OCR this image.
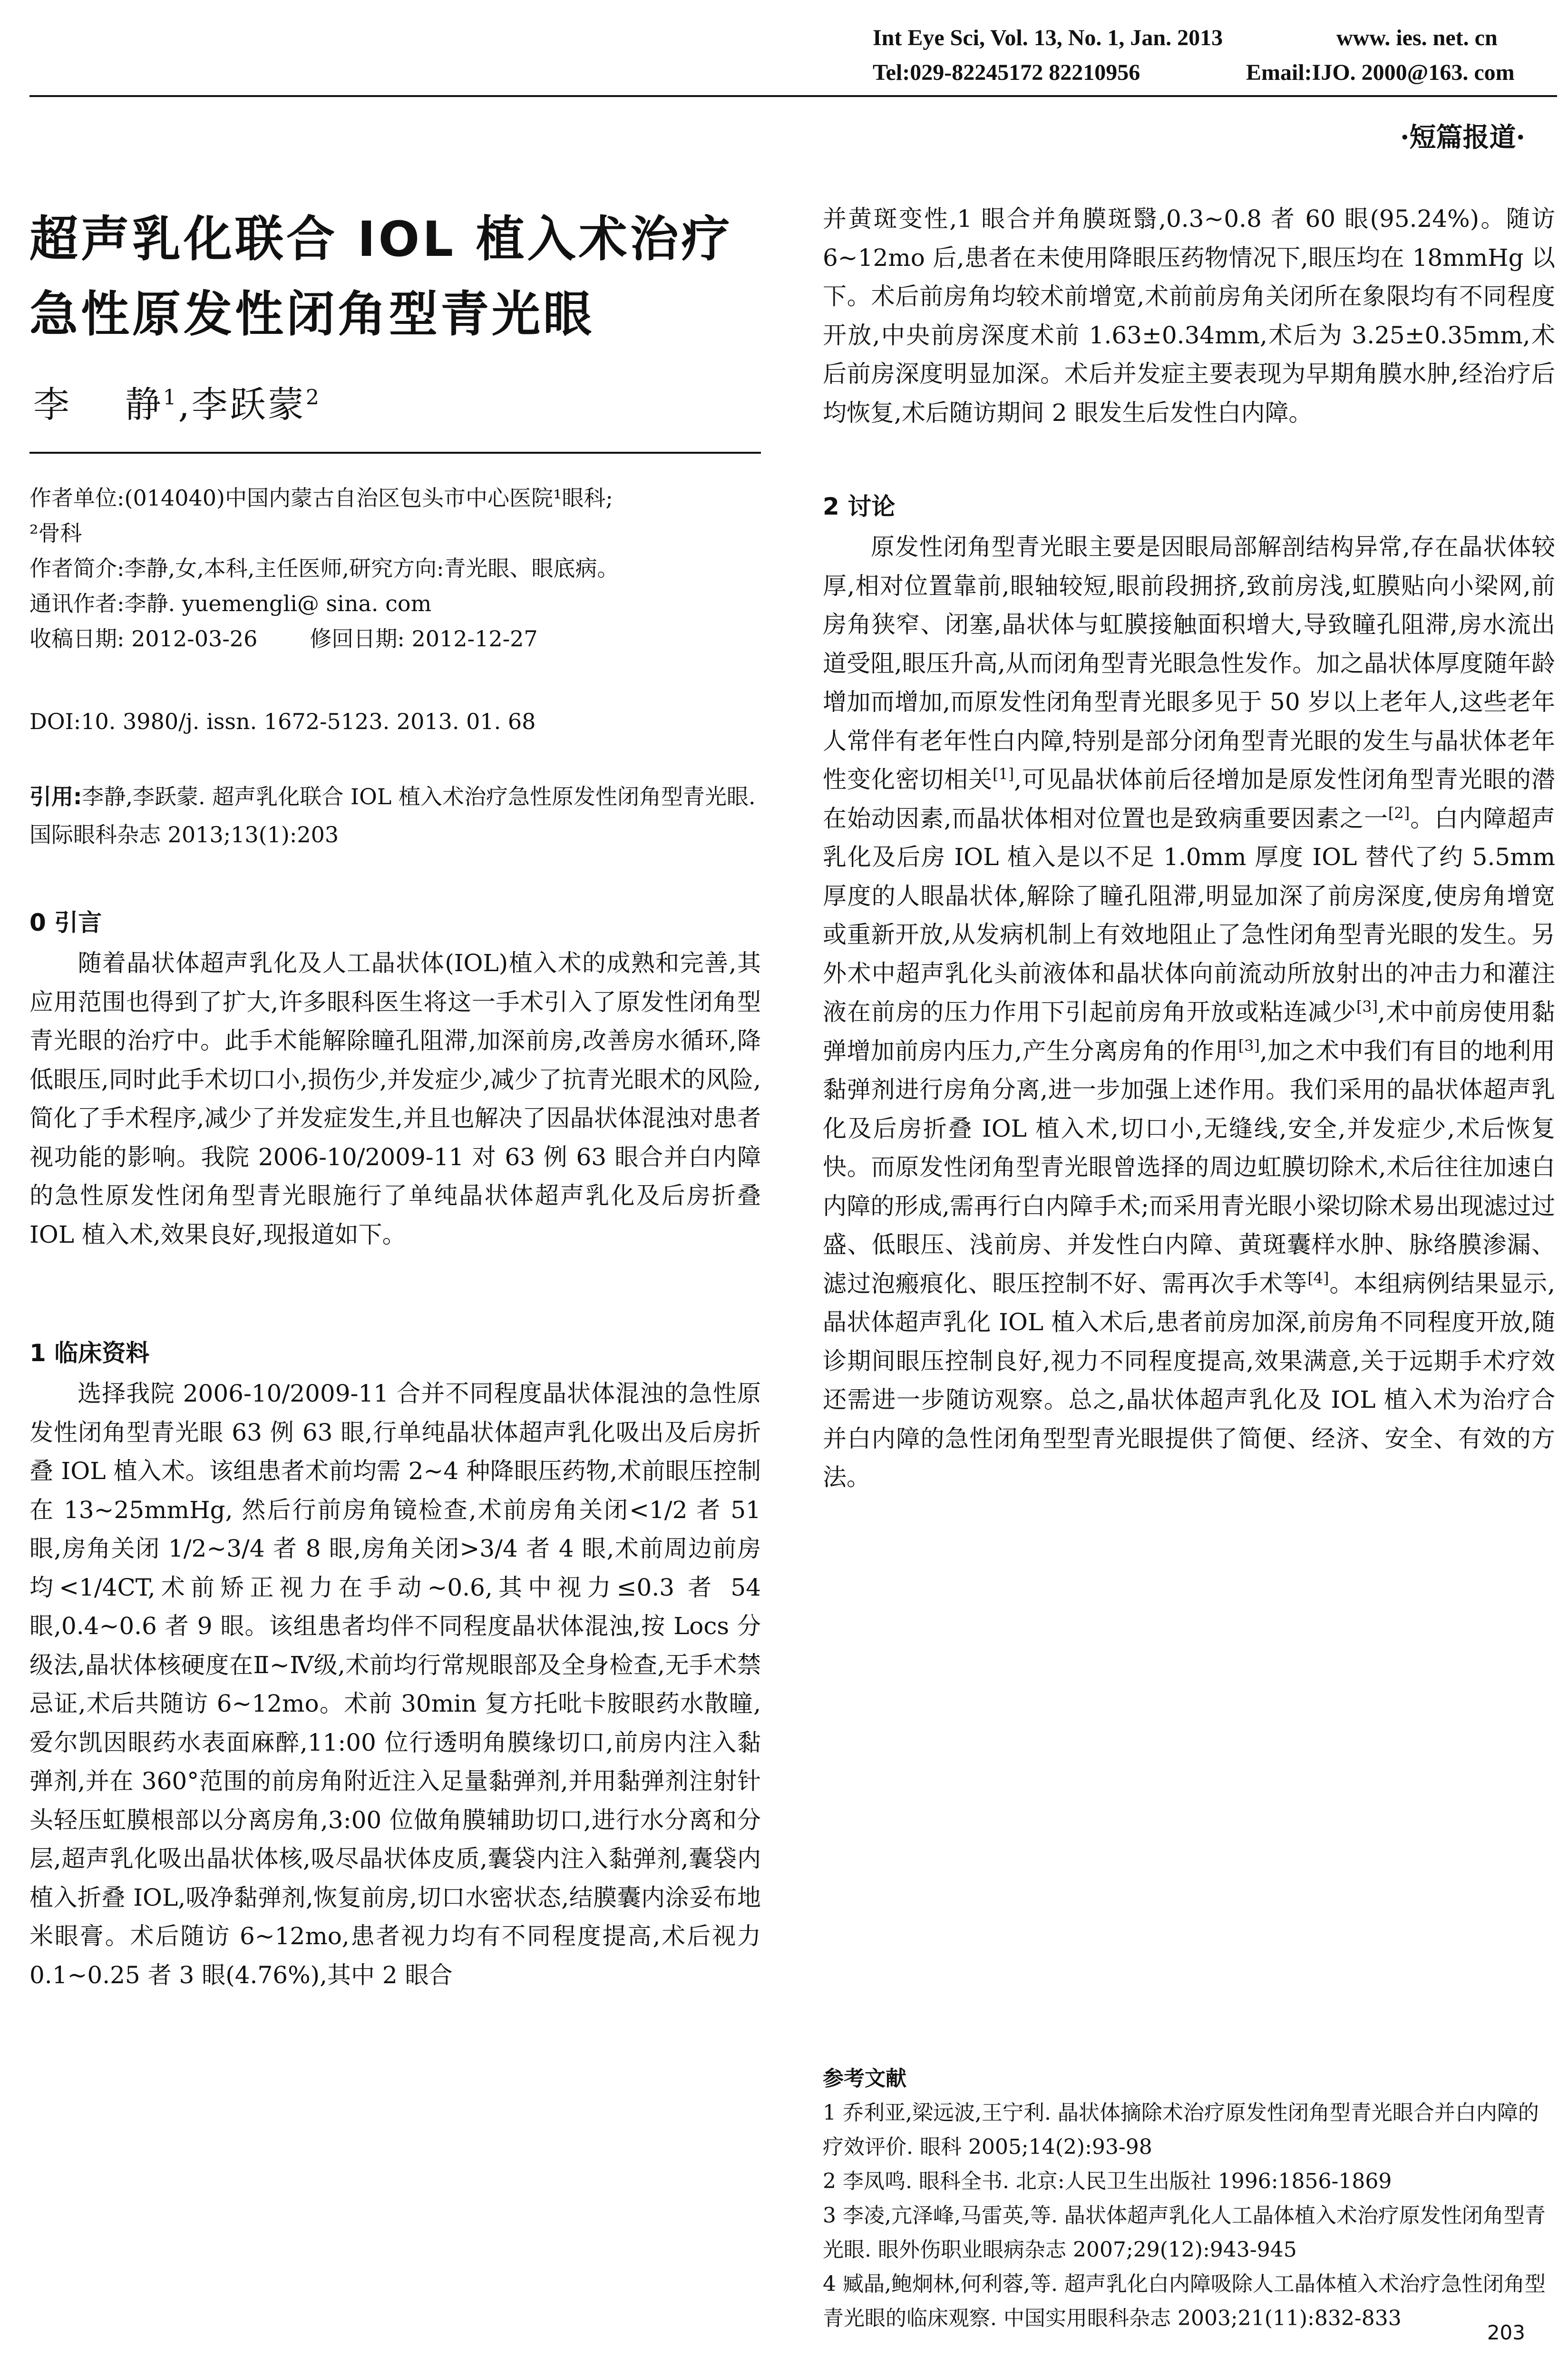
Int Eye Sci, Vol. 13, No. 1, Jan. 2013	www. ies. net. cn
Tel:029-82245172 82210956	Email:IJO. 2000@163. com
·短篇报道·
超声乳化联合 IOL 植入术治疗
急性原发性闭角型青光眼
李    静$^1$,李跃蒙$^2$
作者单位:(014040)中国内蒙古自治区包头市中心医院¹眼科;
²骨科
作者简介:李静,女,本科,主任医师,研究方向:青光眼、眼底病。
通讯作者:李静. yuemengli@ sina. com
收稿日期: 2012-03-26 修回日期: 2012-12-27
DOI:10. 3980/j. issn. 1672-5123. 2013. 01. 68
引用:李静,李跃蒙. 超声乳化联合 IOL 植入术治疗急性原发性闭角型青光眼. 国际眼科杂志 2013;13(1):203
0 引言
随着晶状体超声乳化及人工晶状体(IOL)植入术的成熟和完善,其应用范围也得到了扩大,许多眼科医生将这一手术引入了原发性闭角型青光眼的治疗中。此手术能解除瞳孔阻滞,加深前房,改善房水循环,降低眼压,同时此手术切口小,损伤少,并发症少,减少了抗青光眼术的风险,简化了手术程序,减少了并发症发生,并且也解决了因晶状体混浊对患者视功能的影响。我院 2006-10/2009-11 对 63 例 63 眼合并白内障的急性原发性闭角型青光眼施行了单纯晶状体超声乳化及后房折叠 IOL 植入术,效果良好,现报道如下。
1 临床资料
选择我院 2006-10/2009-11 合并不同程度晶状体混浊的急性原发性闭角型青光眼 63 例 63 眼,行单纯晶状体超声乳化吸出及后房折叠 IOL 植入术。该组患者术前均需 2~4 种降眼压药物,术前眼压控制在 13~25mmHg, 然后行前房角镜检查,术前房角关闭<1/2 者 51 眼,房角关闭 1/2~3/4 者 8 眼,房角关闭>3/4 者 4 眼,术前周边前房均<1/4CT,术前矫正视力在手动~0.6,其中视力≤0.3 者 54 眼,0.4~0.6 者 9 眼。该组患者均伴不同程度晶状体混浊,按 Locs 分级法,晶状体核硬度在Ⅱ~Ⅳ级,术前均行常规眼部及全身检查,无手术禁忌证,术后共随访 6~12mo。术前 30min 复方托吡卡胺眼药水散瞳,爱尔凯因眼药水表面麻醉,11:00 位行透明角膜缘切口,前房内注入黏弹剂,并在 360°范围的前房角附近注入足量黏弹剂,并用黏弹剂注射针头轻压虹膜根部以分离房角,3:00 位做角膜辅助切口,进行水分离和分层,超声乳化吸出晶状体核,吸尽晶状体皮质,囊袋内注入黏弹剂,囊袋内植入折叠 IOL,吸净黏弹剂,恢复前房,切口水密状态,结膜囊内涂妥布地米眼膏。术后随访 6~12mo,患者视力均有不同程度提高,术后视力 0.1~0.25 者 3 眼(4.76%),其中 2 眼合
并黄斑变性,1 眼合并角膜斑翳,0.3~0.8 者 60 眼(95.24%)。随访 6~12mo 后,患者在未使用降眼压药物情况下,眼压均在 18mmHg 以下。术后前房角均较术前增宽,术前前房角关闭所在象限均有不同程度开放,中央前房深度术前 1.63±0.34mm,术后为 3.25±0.35mm,术后前房深度明显加深。术后并发症主要表现为早期角膜水肿,经治疗后均恢复,术后随访期间 2 眼发生后发性白内障。
2 讨论
原发性闭角型青光眼主要是因眼局部解剖结构异常,存在晶状体较厚,相对位置靠前,眼轴较短,眼前段拥挤,致前房浅,虹膜贴向小梁网,前房角狭窄、闭塞,晶状体与虹膜接触面积增大,导致瞳孔阻滞,房水流出道受阻,眼压升高,从而闭角型青光眼急性发作。加之晶状体厚度随年龄增加而增加,而原发性闭角型青光眼多见于 50 岁以上老年人,这些老年人常伴有老年性白内障,特别是部分闭角型青光眼的发生与晶状体老年性变化密切相关[1],可见晶状体前后径增加是原发性闭角型青光眼的潜在始动因素,而晶状体相对位置也是致病重要因素之一[2]。白内障超声乳化及后房 IOL 植入是以不足 1.0mm 厚度 IOL 替代了约 5.5mm 厚度的人眼晶状体,解除了瞳孔阻滞,明显加深了前房深度,使房角增宽或重新开放,从发病机制上有效地阻止了急性闭角型青光眼的发生。另外术中超声乳化头前液体和晶状体向前流动所放射出的冲击力和灌注液在前房的压力作用下引起前房角开放或粘连减少[3],术中前房使用黏弹增加前房内压力,产生分离房角的作用[3],加之术中我们有目的地利用黏弹剂进行房角分离,进一步加强上述作用。我们采用的晶状体超声乳化及后房折叠 IOL 植入术,切口小,无缝线,安全,并发症少,术后恢复快。而原发性闭角型青光眼曾选择的周边虹膜切除术,术后往往加速白内障的形成,需再行白内障手术;而采用青光眼小梁切除术易出现滤过过盛、低眼压、浅前房、并发性白内障、黄斑囊样水肿、脉络膜渗漏、滤过泡瘢痕化、眼压控制不好、需再次手术等[4]。本组病例结果显示,晶状体超声乳化 IOL 植入术后,患者前房加深,前房角不同程度开放,随诊期间眼压控制良好,视力不同程度提高,效果满意,关于远期手术疗效还需进一步随访观察。总之,晶状体超声乳化及 IOL 植入术为治疗合并白内障的急性闭角型型青光眼提供了简便、经济、安全、有效的方法。
参考文献
1 乔利亚,梁远波,王宁利. 晶状体摘除术治疗原发性闭角型青光眼合并白内障的疗效评价. 眼科 2005;14(2):93-98
2 李凤鸣. 眼科全书. 北京:人民卫生出版社 1996:1856-1869
3 李凌,亢泽峰,马雷英,等. 晶状体超声乳化人工晶体植入术治疗原发性闭角型青光眼. 眼外伤职业眼病杂志 2007;29(12):943-945
4 臧晶,鲍炯林,何利蓉,等. 超声乳化白内障吸除人工晶体植入术治疗急性闭角型青光眼的临床观察. 中国实用眼科杂志 2003;21(11):832-833
203
